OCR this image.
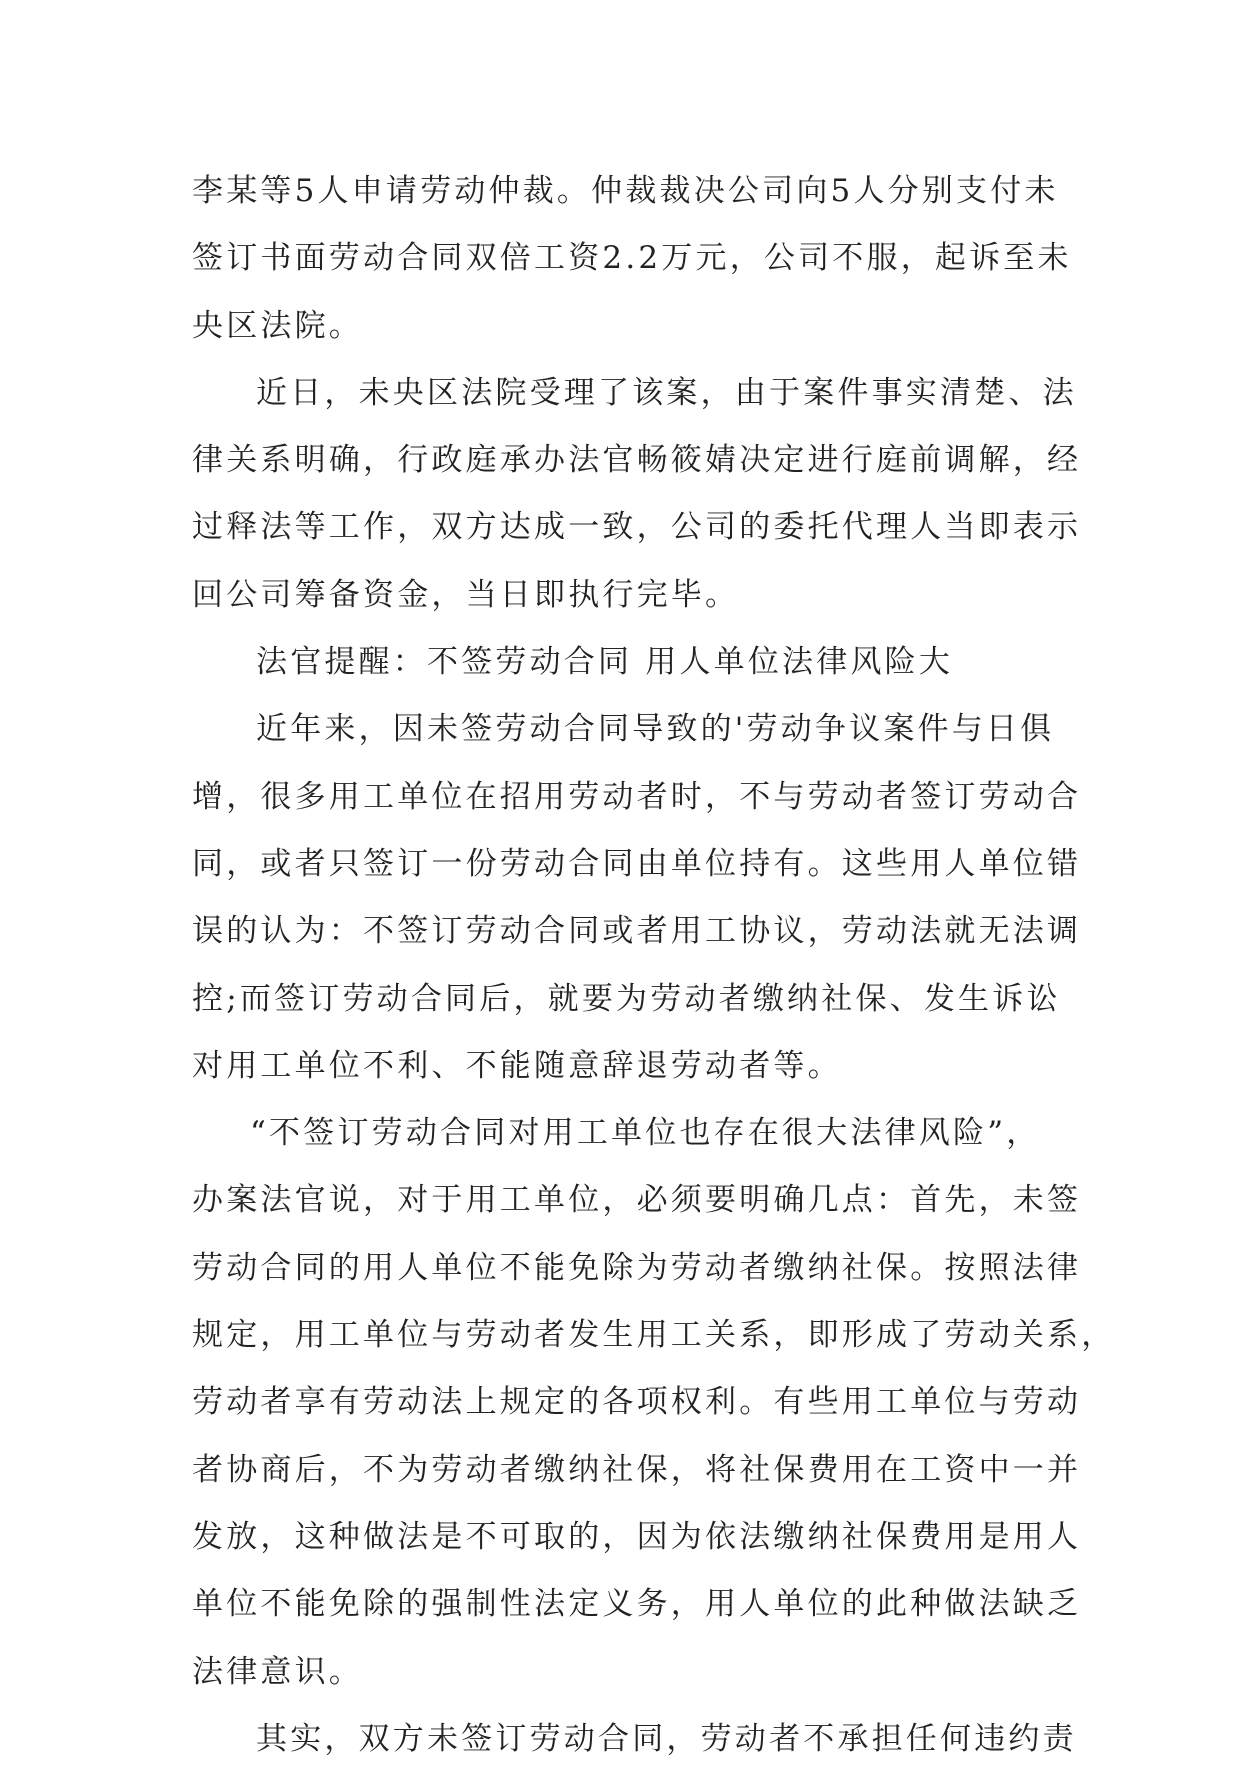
李某等5人申请劳动仲裁。仲裁裁决公司向5人分别支付未
签订书面劳动合同双倍工资2.2万元，公司不服，起诉至未
央区法院。
近日，未央区法院受理了该案，由于案件事实清楚、法
律关系明确，行政庭承办法官畅筱婧决定进行庭前调解，经
过释法等工作，双方达成一致，公司的委托代理人当即表示
回公司筹备资金，当日即执行完毕。
法官提醒：不签劳动合同 用人单位法律风险大
近年来，因未签劳动合同导致的'劳动争议案件与日俱
增，很多用工单位在招用劳动者时，不与劳动者签订劳动合
同，或者只签订一份劳动合同由单位持有。这些用人单位错
误的认为：不签订劳动合同或者用工协议，劳动法就无法调
控;而签订劳动合同后，就要为劳动者缴纳社保、发生诉讼
对用工单位不利、不能随意辞退劳动者等。
“不签订劳动合同对用工单位也存在很大法律风险”，
办案法官说，对于用工单位，必须要明确几点：首先，未签
劳动合同的用人单位不能免除为劳动者缴纳社保。按照法律
规定，用工单位与劳动者发生用工关系，即形成了劳动关系，
劳动者享有劳动法上规定的各项权利。有些用工单位与劳动
者协商后，不为劳动者缴纳社保，将社保费用在工资中一并
发放，这种做法是不可取的，因为依法缴纳社保费用是用人
单位不能免除的强制性法定义务，用人单位的此种做法缺乏
法律意识。
其实，双方未签订劳动合同，劳动者不承担任何违约责
